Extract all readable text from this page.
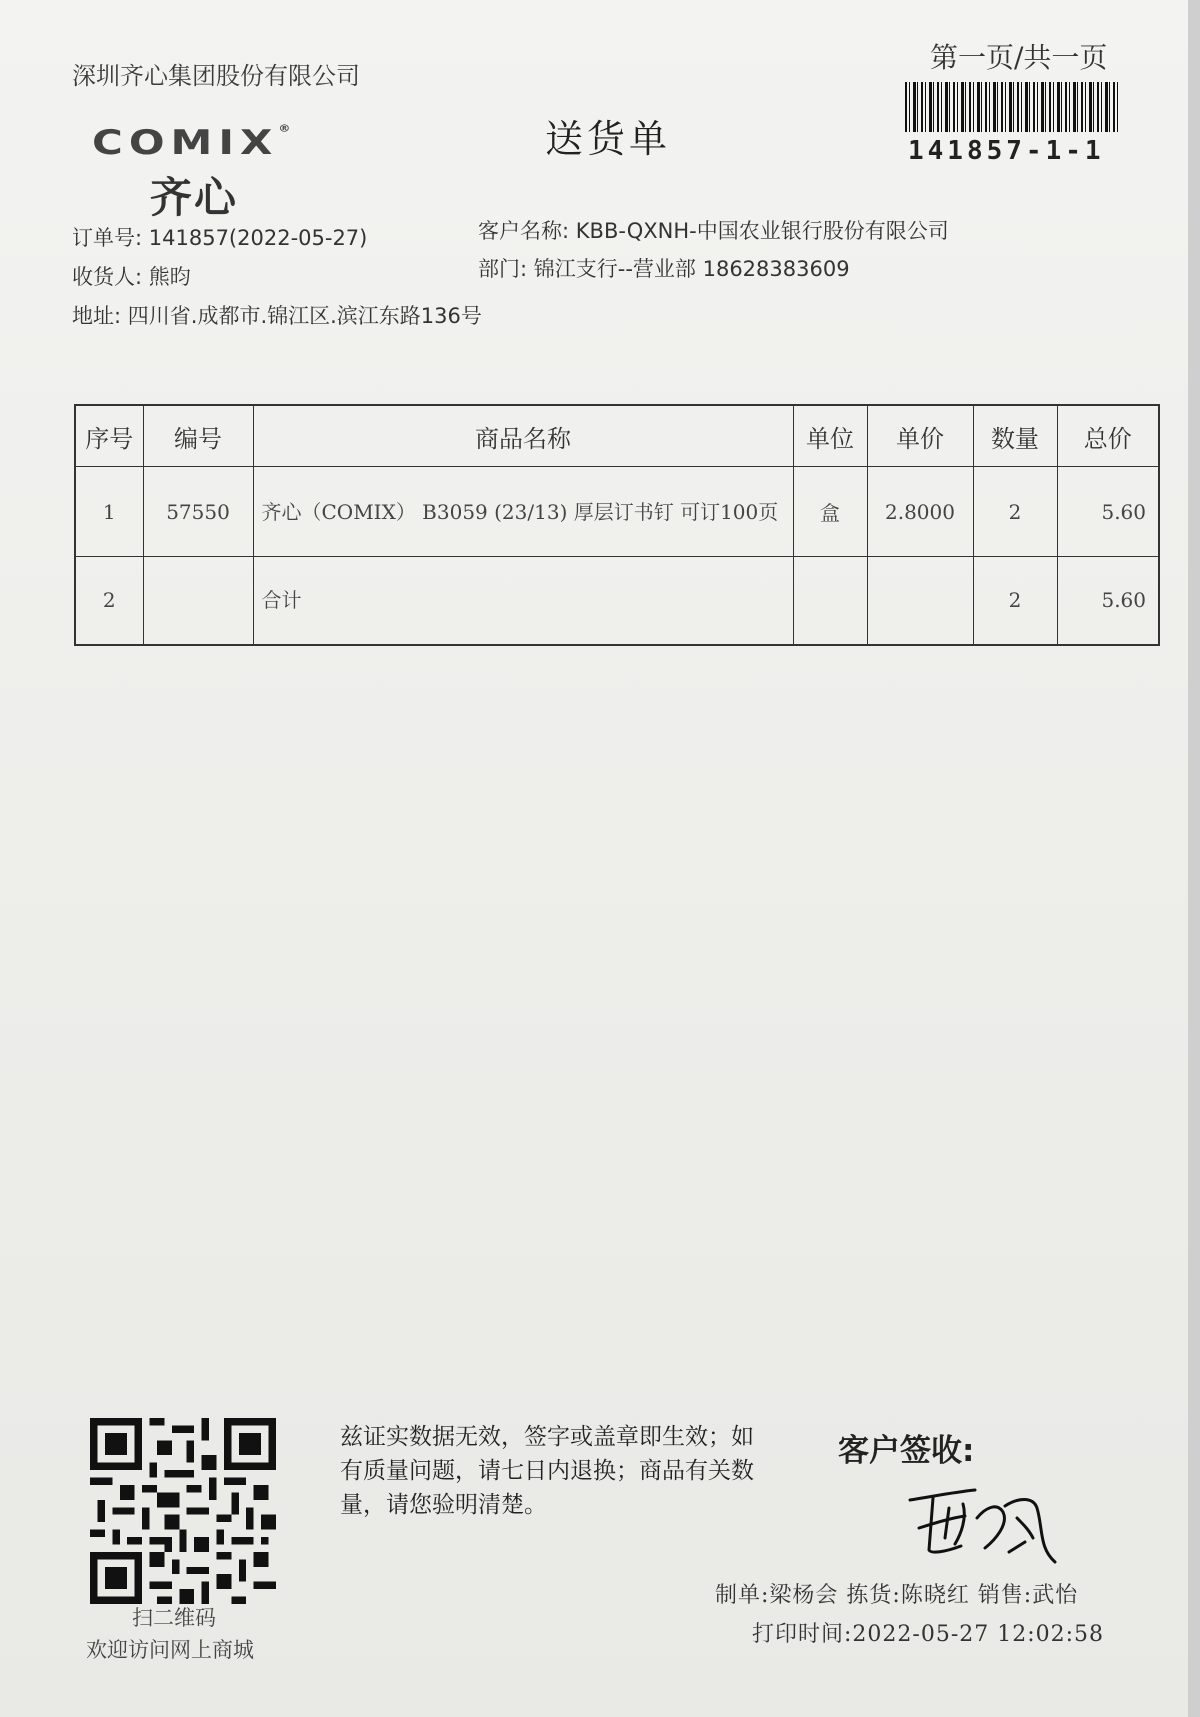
深圳齐心集团股份有限公司
COMIX®
齐心
送货单
第一页/共一页
141857-1-1
订单号: 141857(2022-05-27)	客户名称: KBB-QXNH-中国农业银行股份有限公司
收货人: 熊昀	部门: 锦江支行--营业部 18628383609
地址: 四川省.成都市.锦江区.滨江东路136号
序号	编号	商品名称	单位	单价	数量	总价
1	57550	齐心（COMIX） B3059 (23/13) 厚层订书钉 可订100页	盒	2.8000	2	5.60
2		合计			2	5.60
扫二维码
欢迎访问网上商城
兹证实数据无效，签字或盖章即生效；如有质量问题，请七日内退换；商品有关数量，请您验明清楚。
客户签收:
制单:梁杨会 拣货:陈晓红 销售:武怡
打印时间:2022-05-27 12:02:58
